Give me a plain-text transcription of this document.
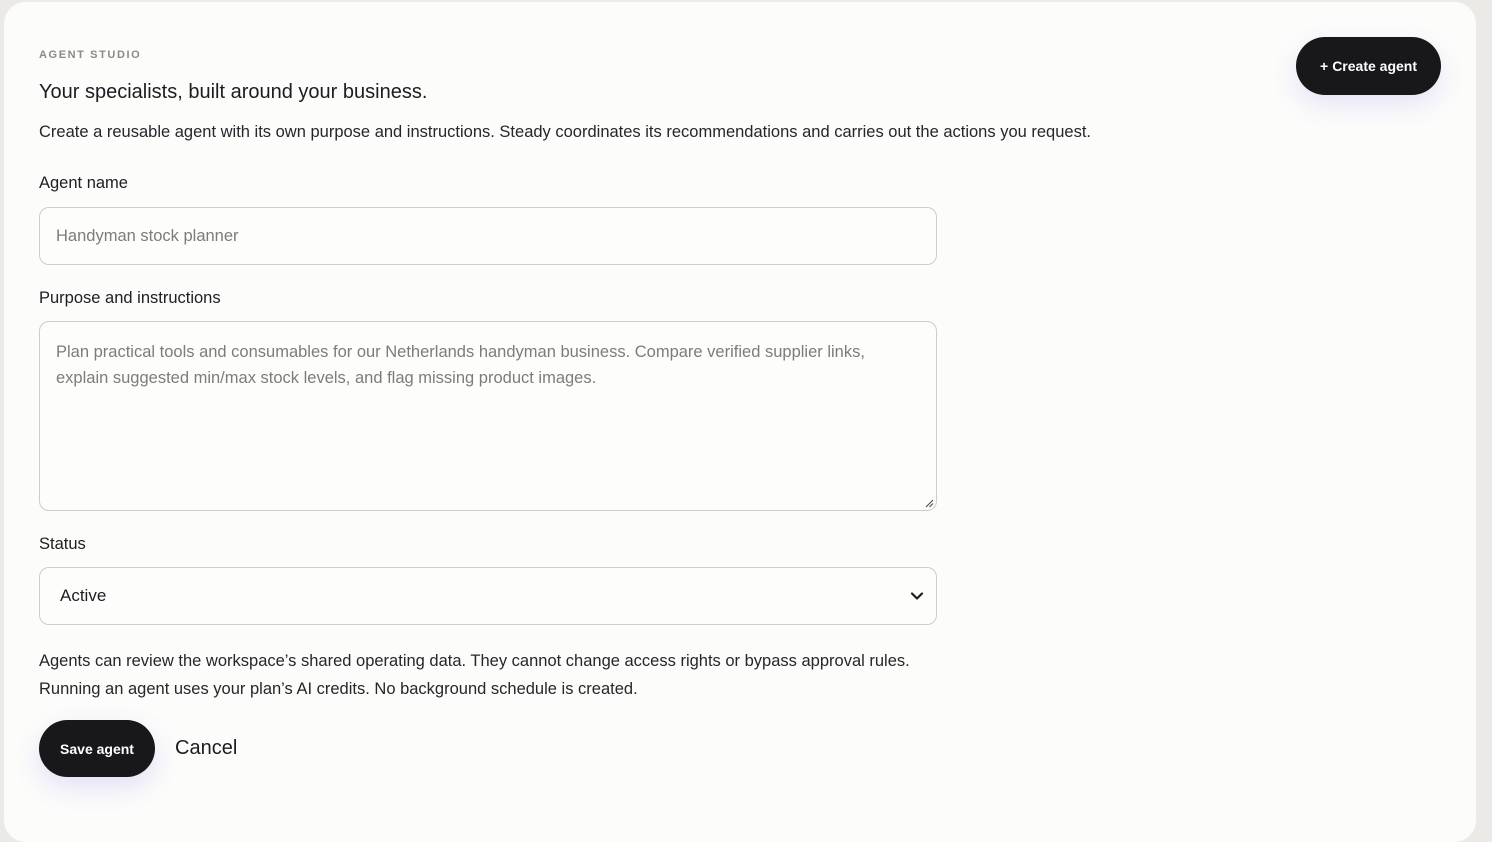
AGENT STUDIO
Your specialists, built around your business.
Create a reusable agent with its own purpose and instructions. Steady coordinates its recommendations and carries out the actions you request.
+ Create agent
Agent name
Handyman stock planner
Purpose and instructions
Plan practical tools and consumables for our Netherlands handyman business. Compare verified supplier links, explain suggested min/max stock levels, and flag missing product images.
Status
Active
Agents can review the workspace’s shared operating data. They cannot change access rights or bypass approval rules. Running an agent uses your plan’s AI credits. No background schedule is created.
Save agent	Cancel
